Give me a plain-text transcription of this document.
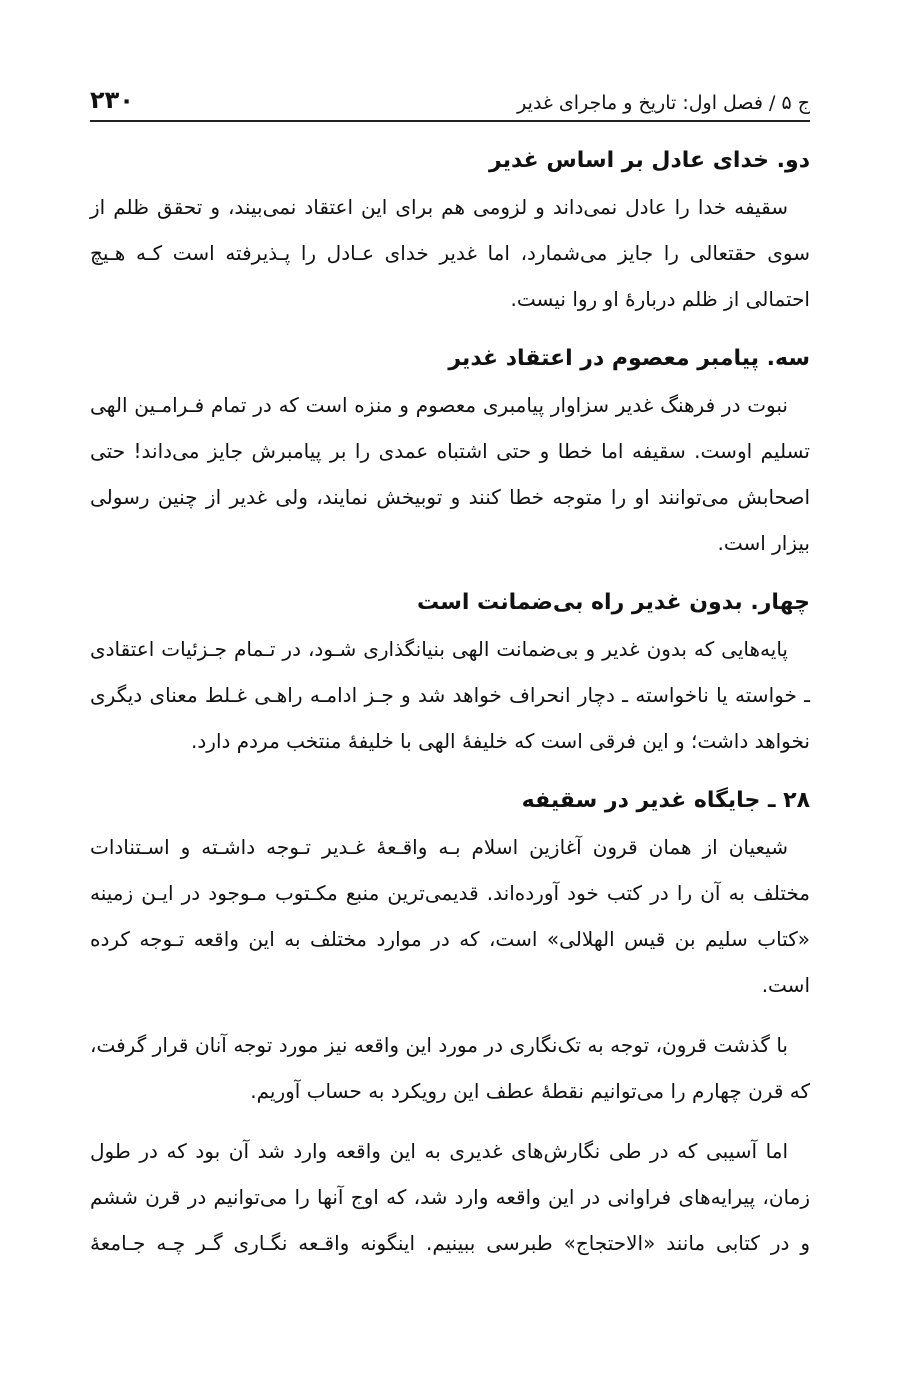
ج ۵ / فصل اول: تاریخ و ماجرای غدیر
۲۳۰
دو. خدای عادل بر اساس غدیر

سقیفه خدا را عادل نمی‌داند و لزومی هم برای این اعتقاد نمی‌بیند، و تحقق ظلم از سوی حقتعالی را جایز می‌شمارد، اما غدیر خدای عـادل را پـذیرفته است کـه هـیچ احتمالی از ظلم دربارهٔ او روا نیست.

سه. پیامبر معصوم در اعتقاد غدیر

نبوت در فرهنگ غدیر سزاوار پیامبری معصوم و منزه است که در تمام فـرامـین الهی تسلیم اوست. سقیفه اما خطا و حتی اشتباه عمدی را بر پیامبرش جایز می‌داند! حتی اصحابش می‌توانند او را متوجه خطا کنند و توبیخش نمایند، ولی غدیر از چنین رسولی بیزار است.

چهار. بدون غدیر راه بی‌ضمانت است

پایه‌هایی که بدون غدیر و بی‌ضمانت الهی بنیانگذاری شـود، در تـمام جـزئیات اعتقادی ـ خواسته یا ناخواسته ـ دچار انحراف خواهد شد و جـز ادامـه راهـی غـلط معنای دیگری نخواهد داشت؛ و این فرقی است که خلیفهٔ الهی با خلیفهٔ منتخب مردم دارد.

۲۸ ـ جایگاه غدیر در سقیفه

شیعیان از همان قرون آغازین اسلام بـه واقـعهٔ غـدیر تـوجه داشـته و اسـتنادات مختلف به آن را در کتب خود آورده‌اند. قدیمی‌ترین منبع مکـتوب مـوجود در ایـن زمینه «کتاب سلیم بن قیس الهلالی» است، که در موارد مختلف به این واقعه تـوجه کرده است.

با گذشت قرون، توجه به تک‌نگاری در مورد این واقعه نیز مورد توجه آنان قرار گرفت، که قرن چهارم را می‌توانیم نقطهٔ عطف این رویکرد به حساب آوریم.

اما آسیبی که در طی نگارش‌های غدیری به این واقعه وارد شد آن بود که در طول زمان، پیرایه‌های فراوانی در این واقعه وارد شد، که اوج آنها را می‌توانیم در قرن ششم و در کتابی مانند «الاحتجاج» طبرسی ببینیم. اینگونه واقـعه نگـاری گـر چـه جـامعهٔ
